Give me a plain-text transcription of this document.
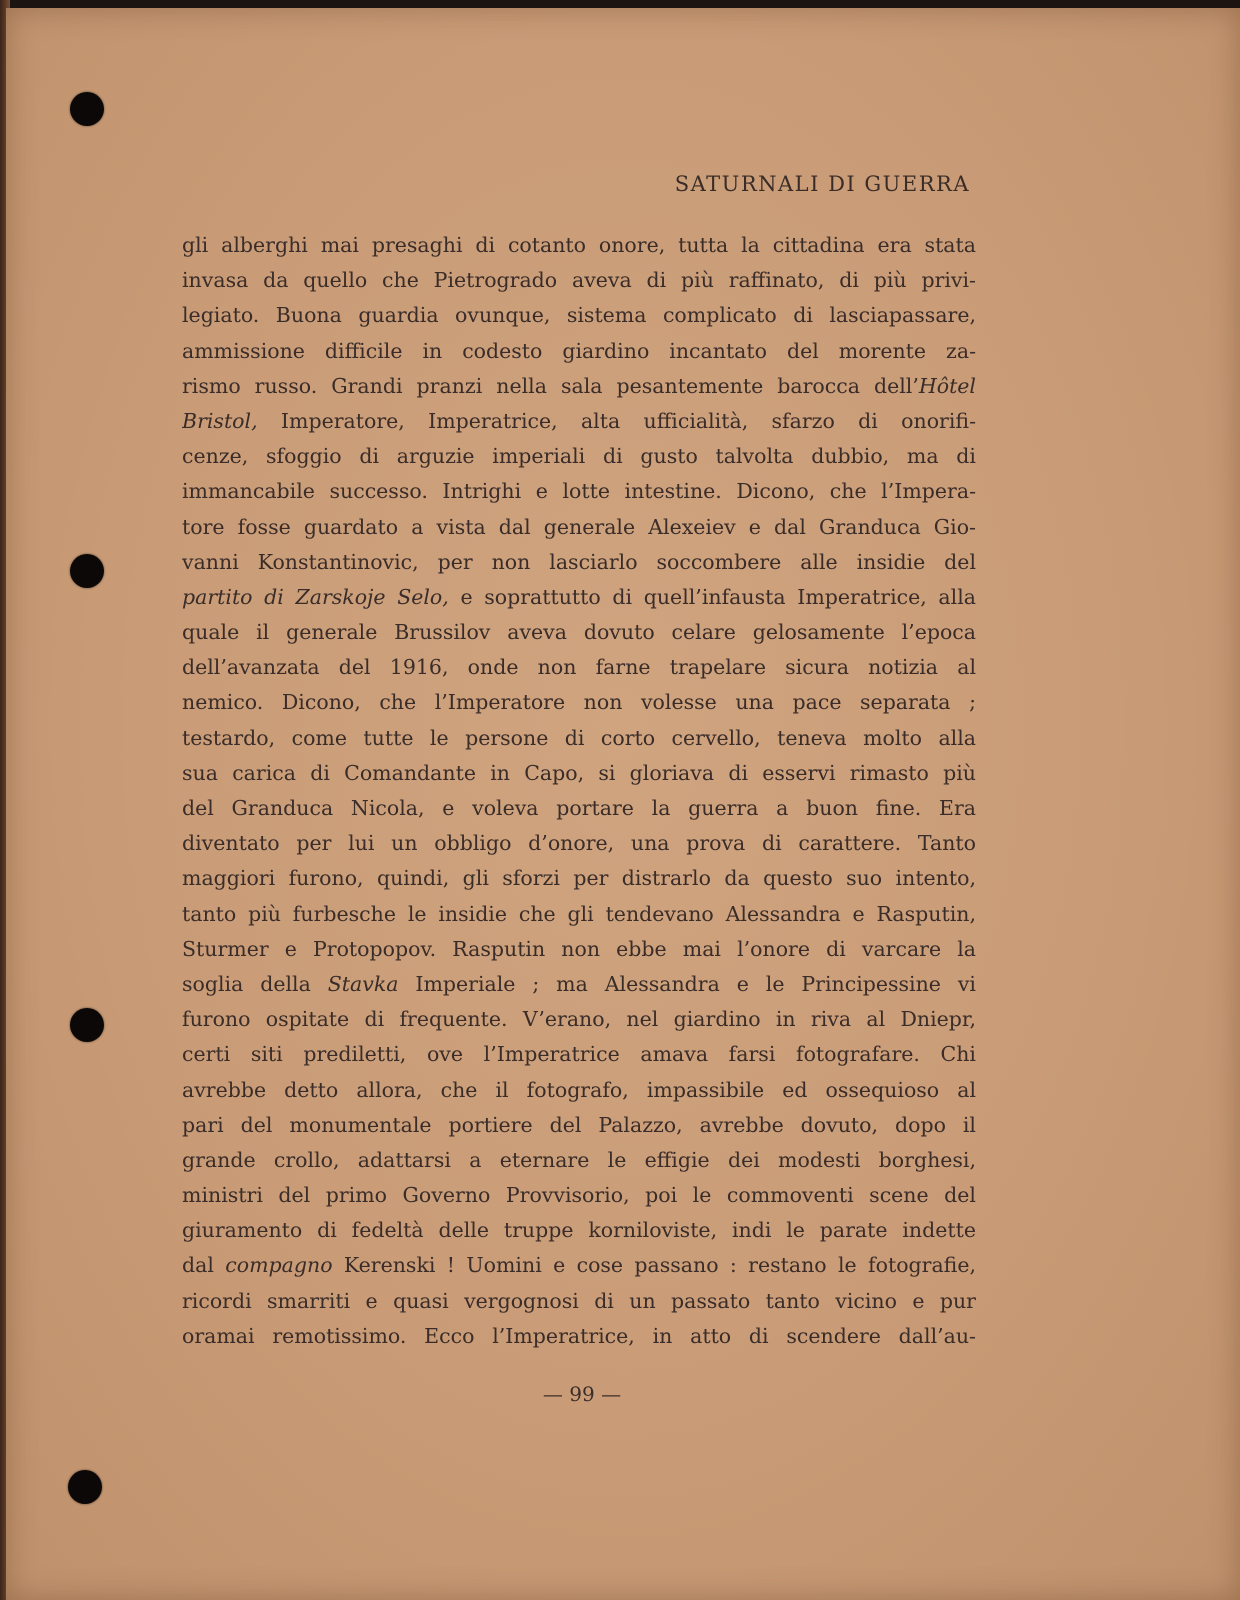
SATURNALI DI GUERRA
gli alberghi mai presaghi di cotanto onore, tutta la cittadina era stata
invasa da quello che Pietrogrado aveva di più raffinato, di più privi-
legiato. Buona guardia ovunque, sistema complicato di lasciapassare,
ammissione difficile in codesto giardino incantato del morente za-
rismo russo. Grandi pranzi nella sala pesantemente barocca dell’Hôtel
Bristol, Imperatore, Imperatrice, alta ufficialità, sfarzo di onorifi-
cenze, sfoggio di arguzie imperiali di gusto talvolta dubbio, ma di
immancabile successo. Intrighi e lotte intestine. Dicono, che l’Impera-
tore fosse guardato a vista dal generale Alexeiev e dal Granduca Gio-
vanni Konstantinovic, per non lasciarlo soccombere alle insidie del
partito di Zarskoje Selo, e soprattutto di quell’infausta Imperatrice, alla
quale il generale Brussilov aveva dovuto celare gelosamente l’epoca
dell’avanzata del 1916, onde non farne trapelare sicura notizia al
nemico. Dicono, che l’Imperatore non volesse una pace separata ;
testardo, come tutte le persone di corto cervello, teneva molto alla
sua carica di Comandante in Capo, si gloriava di esservi rimasto più
del Granduca Nicola, e voleva portare la guerra a buon fine. Era
diventato per lui un obbligo d’onore, una prova di carattere. Tanto
maggiori furono, quindi, gli sforzi per distrarlo da questo suo intento,
tanto più furbesche le insidie che gli tendevano Alessandra e Rasputin,
Sturmer e Protopopov. Rasputin non ebbe mai l’onore di varcare la
soglia della Stavka Imperiale ; ma Alessandra e le Principessine vi
furono ospitate di frequente. V’erano, nel giardino in riva al Dniepr,
certi siti prediletti, ove l’Imperatrice amava farsi fotografare. Chi
avrebbe detto allora, che il fotografo, impassibile ed ossequioso al
pari del monumentale portiere del Palazzo, avrebbe dovuto, dopo il
grande crollo, adattarsi a eternare le effigie dei modesti borghesi,
ministri del primo Governo Provvisorio, poi le commoventi scene del
giuramento di fedeltà delle truppe korniloviste, indi le parate indette
dal compagno Kerenski ! Uomini e cose passano : restano le fotografie,
ricordi smarriti e quasi vergognosi di un passato tanto vicino e pur
oramai remotissimo. Ecco l’Imperatrice, in atto di scendere dall’au-
— 99 —
